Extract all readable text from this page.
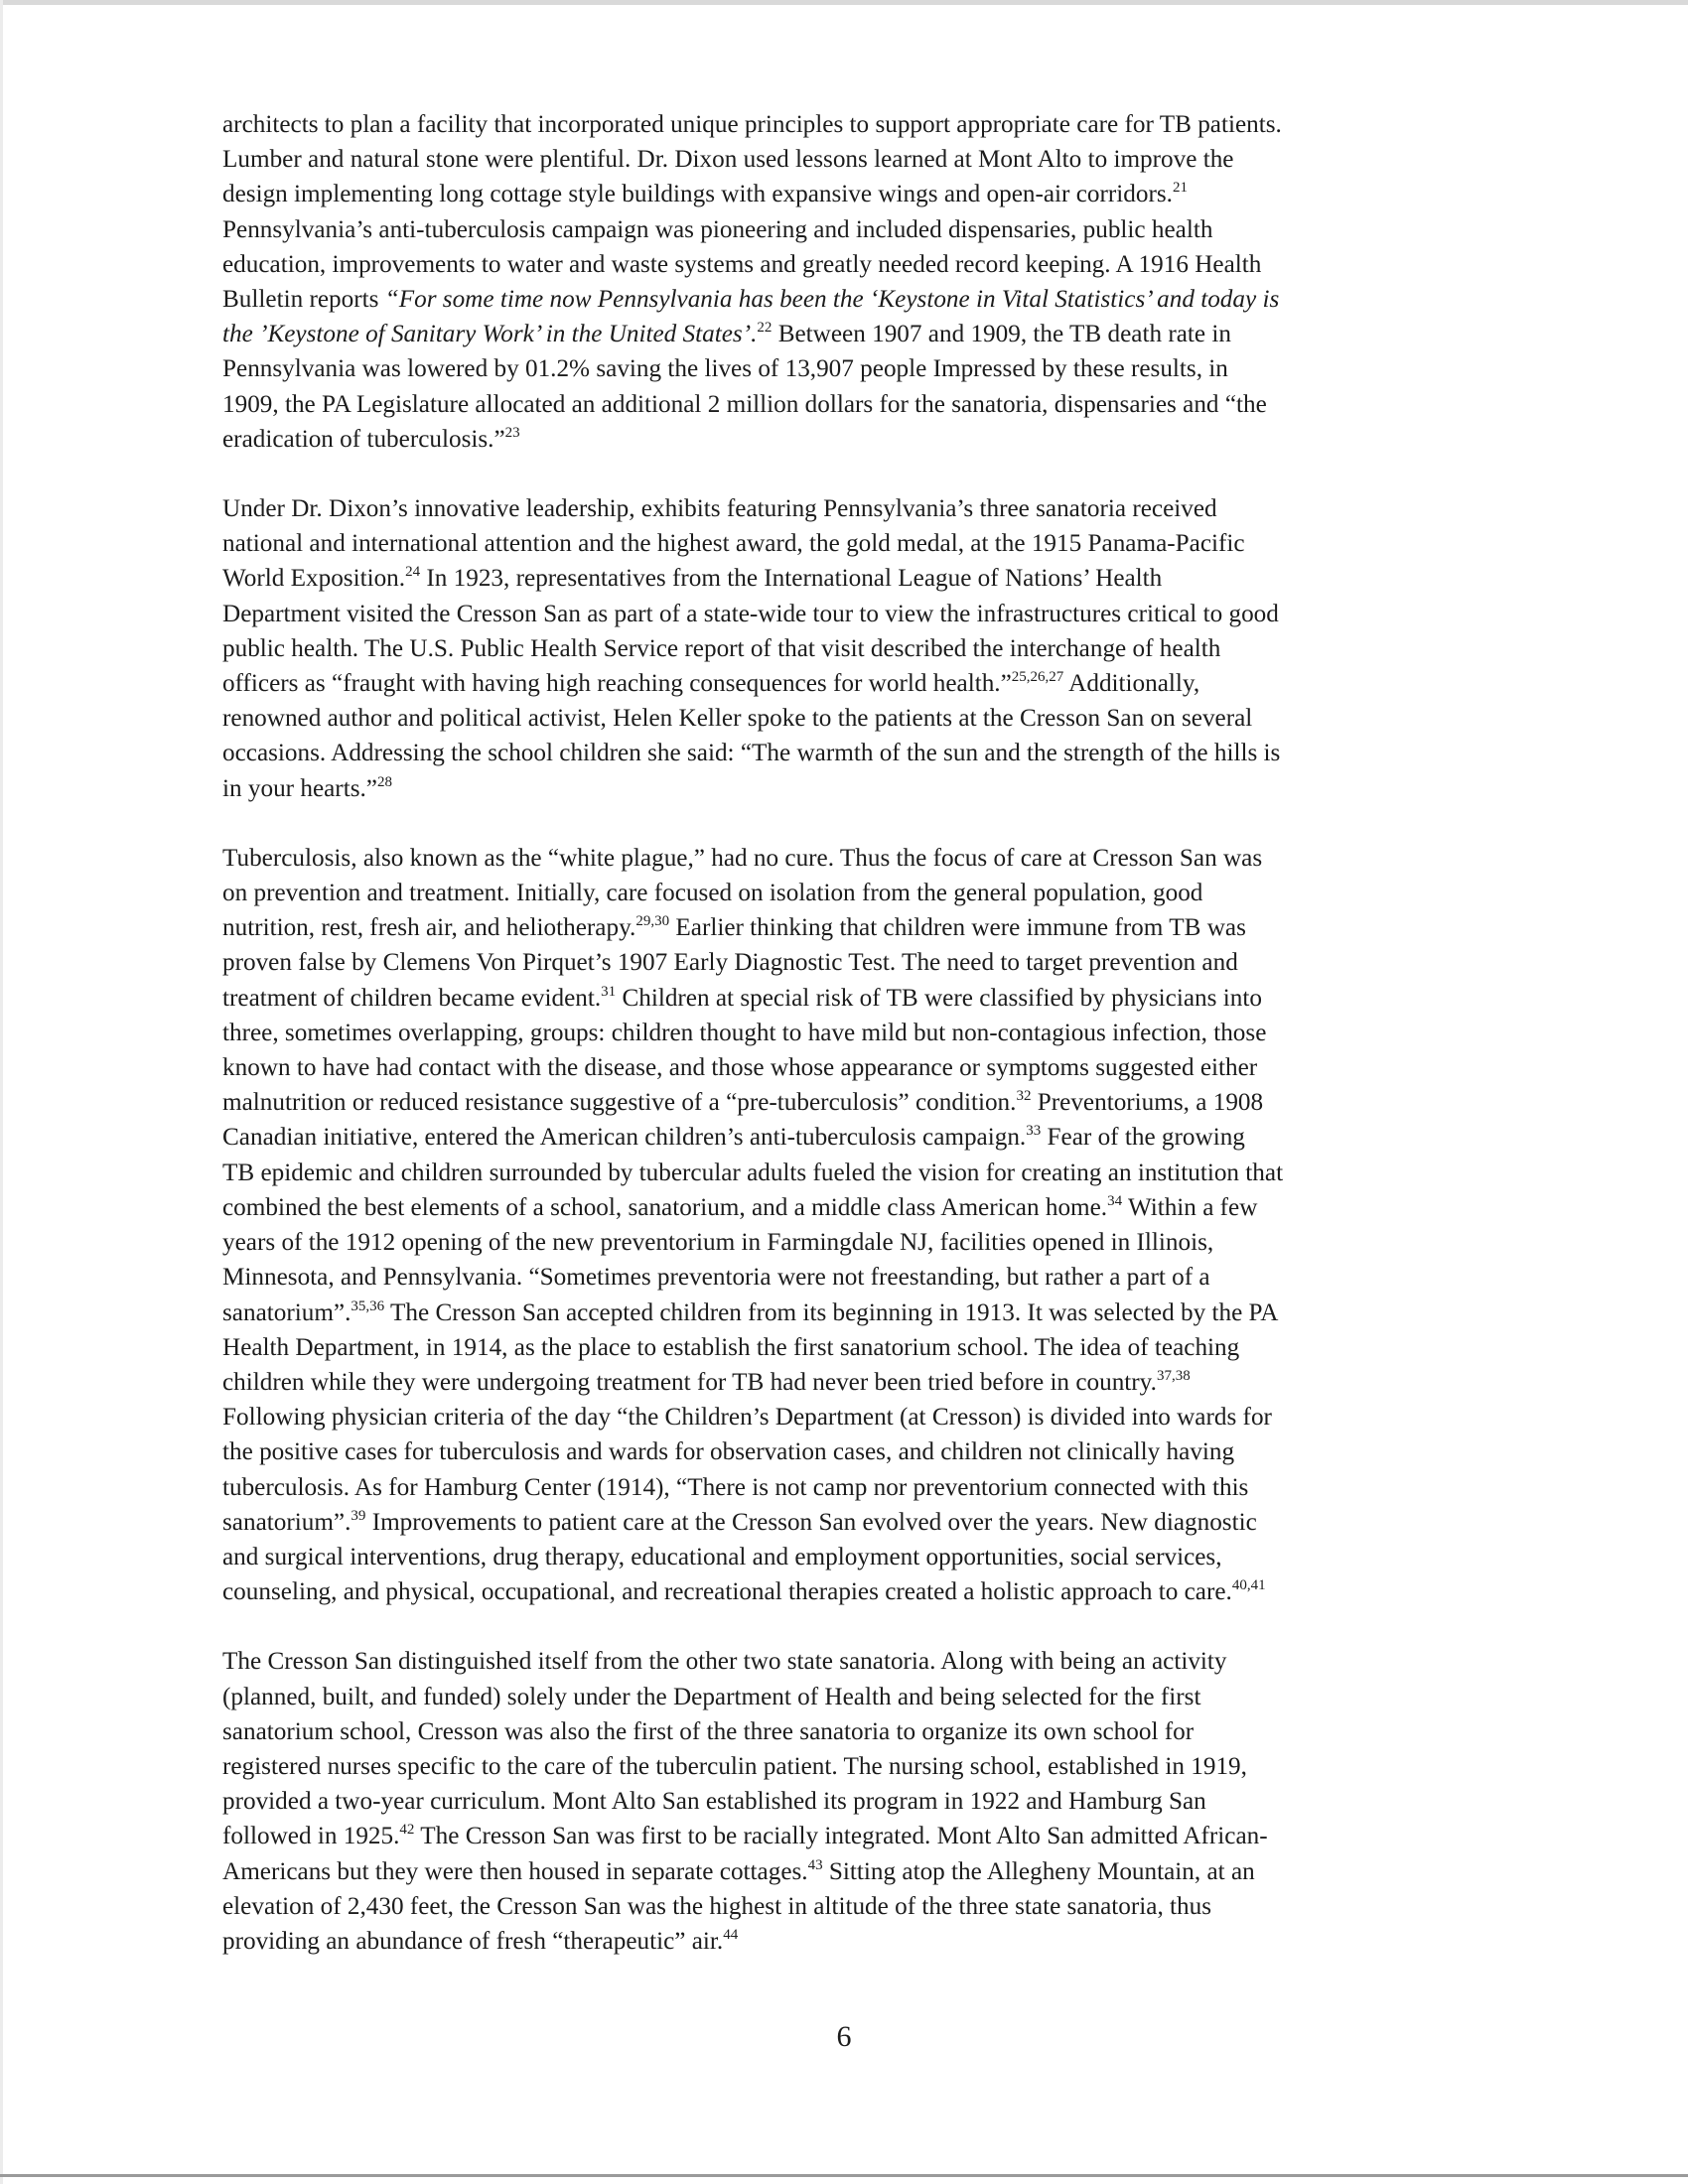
architects to plan a facility that incorporated unique principles to support appropriate care for TB patients.
Lumber and natural stone were plentiful. Dr. Dixon used lessons learned at Mont Alto to improve the
design implementing long cottage style buildings with expansive wings and open-air corridors.$^{21}$
Pennsylvania’s anti-tuberculosis campaign was pioneering and included dispensaries, public health
education, improvements to water and waste systems and greatly needed record keeping. A 1916 Health
Bulletin reports “For some time now Pennsylvania has been the ‘Keystone in Vital Statistics’ and today is
the ’Keystone of Sanitary Work’ in the United States’.$^{22}$ Between 1907 and 1909, the TB death rate in
Pennsylvania was lowered by 01.2% saving the lives of 13,907 people Impressed by these results, in
1909, the PA Legislature allocated an additional 2 million dollars for the sanatoria, dispensaries and “the
eradication of tuberculosis.”$^{23}$

Under Dr. Dixon’s innovative leadership, exhibits featuring Pennsylvania’s three sanatoria received
national and international attention and the highest award, the gold medal, at the 1915 Panama-Pacific
World Exposition.$^{24}$ In 1923, representatives from the International League of Nations’ Health
Department visited the Cresson San as part of a state-wide tour to view the infrastructures critical to good
public health. The U.S. Public Health Service report of that visit described the interchange of health
officers as “fraught with having high reaching consequences for world health.”$^{25,26,27}$ Additionally,
renowned author and political activist, Helen Keller spoke to the patients at the Cresson San on several
occasions. Addressing the school children she said: “The warmth of the sun and the strength of the hills is
in your hearts.”$^{28}$

Tuberculosis, also known as the “white plague,” had no cure. Thus the focus of care at Cresson San was
on prevention and treatment. Initially, care focused on isolation from the general population, good
nutrition, rest, fresh air, and heliotherapy.$^{29,30}$ Earlier thinking that children were immune from TB was
proven false by Clemens Von Pirquet’s 1907 Early Diagnostic Test. The need to target prevention and
treatment of children became evident.$^{31}$ Children at special risk of TB were classified by physicians into
three, sometimes overlapping, groups: children thought to have mild but non-contagious infection, those
known to have had contact with the disease, and those whose appearance or symptoms suggested either
malnutrition or reduced resistance suggestive of a “pre-tuberculosis” condition.$^{32}$ Preventoriums, a 1908
Canadian initiative, entered the American children’s anti-tuberculosis campaign.$^{33}$ Fear of the growing
TB epidemic and children surrounded by tubercular adults fueled the vision for creating an institution that
combined the best elements of a school, sanatorium, and a middle class American home.$^{34}$ Within a few
years of the 1912 opening of the new preventorium in Farmingdale NJ, facilities opened in Illinois,
Minnesota, and Pennsylvania. “Sometimes preventoria were not freestanding, but rather a part of a
sanatorium”.$^{35,36}$ The Cresson San accepted children from its beginning in 1913. It was selected by the PA
Health Department, in 1914, as the place to establish the first sanatorium school. The idea of teaching
children while they were undergoing treatment for TB had never been tried before in country.$^{37,38}$
Following physician criteria of the day “the Children’s Department (at Cresson) is divided into wards for
the positive cases for tuberculosis and wards for observation cases, and children not clinically having
tuberculosis. As for Hamburg Center (1914), “There is not camp nor preventorium connected with this
sanatorium”.$^{39}$ Improvements to patient care at the Cresson San evolved over the years. New diagnostic
and surgical interventions, drug therapy, educational and employment opportunities, social services,
counseling, and physical, occupational, and recreational therapies created a holistic approach to care.$^{40,41}$

The Cresson San distinguished itself from the other two state sanatoria. Along with being an activity
(planned, built, and funded) solely under the Department of Health and being selected for the first
sanatorium school, Cresson was also the first of the three sanatoria to organize its own school for
registered nurses specific to the care of the tuberculin patient. The nursing school, established in 1919,
provided a two-year curriculum. Mont Alto San established its program in 1922 and Hamburg San
followed in 1925.42 The Cresson San was first to be racially integrated. Mont Alto San admitted African-
Americans but they were then housed in separate cottages.$^{43}$ Sitting atop the Allegheny Mountain, at an
elevation of 2,430 feet, the Cresson San was the highest in altitude of the three state sanatoria, thus
providing an abundance of fresh “therapeutic” air.$^{44}$

6
